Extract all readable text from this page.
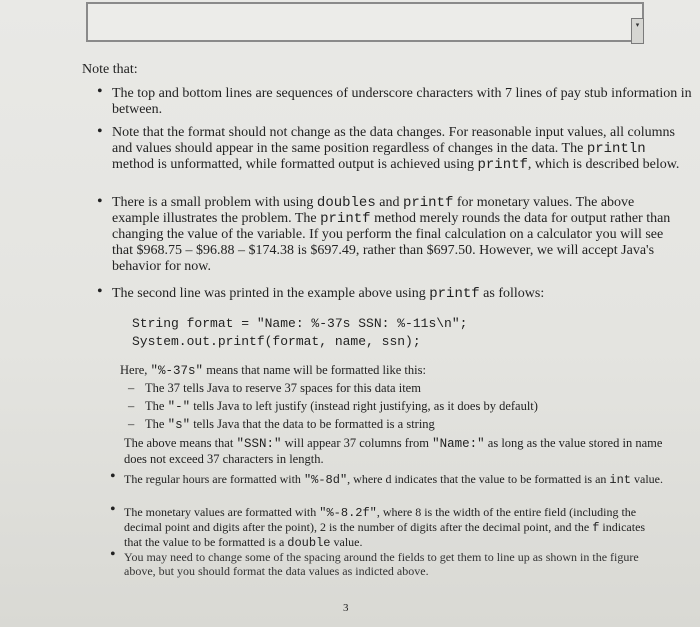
▾
Note that:
• The top and bottom lines are sequences of underscore characters with 7 lines of pay stub information in between.
• Note that the format should not change as the data changes. For reasonable input values, all columns and values should appear in the same position regardless of changes in the data. The println method is unformatted, while formatted output is achieved using printf, which is described below.
• There is a small problem with using doubles and printf for monetary values. The above example illustrates the problem. The printf method merely rounds the data for output rather than changing the value of the variable. If you perform the final calculation on a calculator you will see that $968.75 – $96.88 – $174.38 is $697.49, rather than $697.50. However, we will accept Java's behavior for now.
• The second line was printed in the example above using printf as follows:
String format = "Name: %-37s SSN: %-11s\n";
System.out.printf(format, name, ssn);
Here, "%-37s" means that name will be formatted like this:
– The 37 tells Java to reserve 37 spaces for this data item
– The "-" tells Java to left justify (instead right justifying, as it does by default)
– The "s" tells Java that the data to be formatted is a string
The above means that "SSN:" will appear 37 columns from "Name:" as long as the value stored in name does not exceed 37 characters in length.
• The regular hours are formatted with "%-8d", where d indicates that the value to be formatted is an int value.
• The monetary values are formatted with "%-8.2f", where 8 is the width of the entire field (including the decimal point and digits after the point), 2 is the number of digits after the decimal point, and the f indicates that the value to be formatted is a double value.
• You may need to change some of the spacing around the fields to get them to line up as shown in the figure above, but you should format the data values as indicted above.
3
